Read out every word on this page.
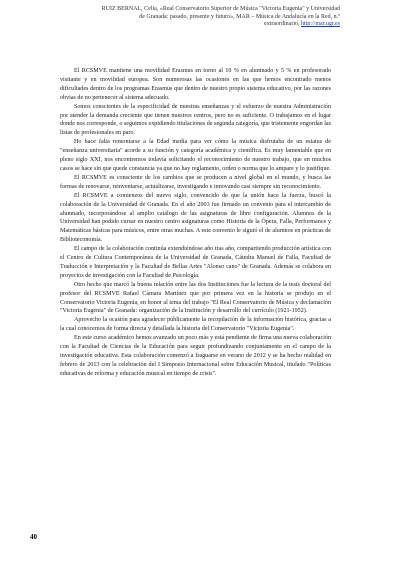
RUIZ BERNAL, Celia, «Real Conservatorio Superior de Música "Victoria Eugenia" y Universidad
de Granada: pasado, presente y futuro», MAR – Música de Andalucía en la Red, n.º
extraordinario, http://mar.ugr.es

El RCSMVE mantiene una movilidad Erasmus en torno al 10 % en alumnado y 5 % en profesorado visitante y en movilidad europea. Son numerosas las ocasiones en las que hemos encontrado menos dificultades dentro de los programas Erasmus que dentro de nuestro propio sistema educativo, por las razones obvias de no pertenecer al sistema adecuado.

Somos conscientes de la especificidad de nuestras enseñanzas y el esfuerzo de nuestra Administración por atender la demanda creciente que tienen nuestros centros, pero no es suficiente. O trabajamos en el lugar donde nos corresponde, o seguimos expidiendo titulaciones de segunda categoría, que tristemente engordan las listas de profesionales en paro.

Ho hace falta remontarse a la Edad media para ver cómo la música disfrutaba de un estatus de "enseñanza universitaria" acorde a su función y categoría académica y científica. Es muy lamentable que en pleno siglo XXI, nos encontremos todavía solicitando el reconocimiento de nuestro trabajo, que en muchos casos se hace sin que quede constancia ya que no hay reglamento, orden o norma que lo ampare y lo justifique.

El RCSMVE es consciente de los cambios que se producen a nivel global en el mundo, y busca las formas de renovarse, reinventarse, actualizarse, investigando e innovando casi siempre sin reconocimiento.

El RCSMVE a comienzos del nuevo siglo, convencido de que la unión hace la fuerza, buscó la colaboración de la Universidad de Granada. En el año 2003 fue firmado un convenio para el intercambio de alumnado, incorporándose al amplio catálogo de las asignaturas de libre configuración. Alumnos de la Universidad han podido cursar en nuestro centro asignaturas como Historia de la Ópera, Falla, Performance y Matemáticas básicas para músicos, entre otras muchas. A este convenio le siguió el de alumnos en prácticas de Biblioteconomía.

El campo de la colaboración continúa extendiéndose año tras año, compartiendo producción artística con el Centro de Cultura Contemporánea de la Universidad de Granada, Cátedra Manuel de Falla, Facultad de Traducción e Interpretación y la Facultad de Bellas Artes "Alonso cano" de Granada. Además se colabora en proyectos de investigación con la Facultad de Psicología.

Otro hecho que marcó la buena relación entre las dos Instituciones fue la lectura de la tesis doctoral del profesor del RCSMVE Rafael Cámara Martínez que por primera vez en la historia se produjo en el Conservatorio Victoria Eugenia, en honor al tema del trabajo "El Real Conservatorio de Música y declamación "Victoria Eugenia" de Granada: organización de la Institución y desarrollo del currículo (1921-1952).

Aprovecho la ocasión para agradecer públicamente la recopilación de la información histórica, gracias a la cual conocemos de forma directa y detallada la historia del Conservatorio "Victoria Eugenia".

En este curso académico hemos avanzado un poco más y está pendiente de firma una nueva colaboración con la Facultad de Ciencias de la Educación para seguir profundizando conjuntamente en el campo de la investigación educativa. Esta colaboración comenzó a fraguarse en verano de 2012 y se ha hecho realidad en febrero de 2013 con la celebración del I Simposio Internacional sobre Educación Musical, titulado "Políticas educativas de reforma y educación musical en tiempo de crisis".

40
